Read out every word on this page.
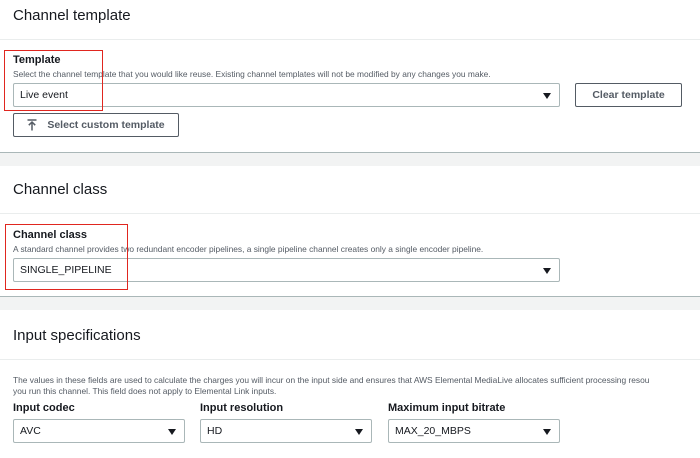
Channel template
Template
Select the channel template that you would like reuse. Existing channel templates will not be modified by any changes you make.
Live event	Clear template
Select custom template
Channel class
Channel class
A standard channel provides two redundant encoder pipelines, a single pipeline channel creates only a single encoder pipeline.
SINGLE_PIPELINE
Input specifications
The values in these fields are used to calculate the charges you will incur on the input side and ensures that AWS Elemental MediaLive allocates sufficient processing resou
you run this channel. This field does not apply to Elemental Link inputs.
Input codec
AVC
Input resolution
HD
Maximum input bitrate
MAX_20_MBPS
